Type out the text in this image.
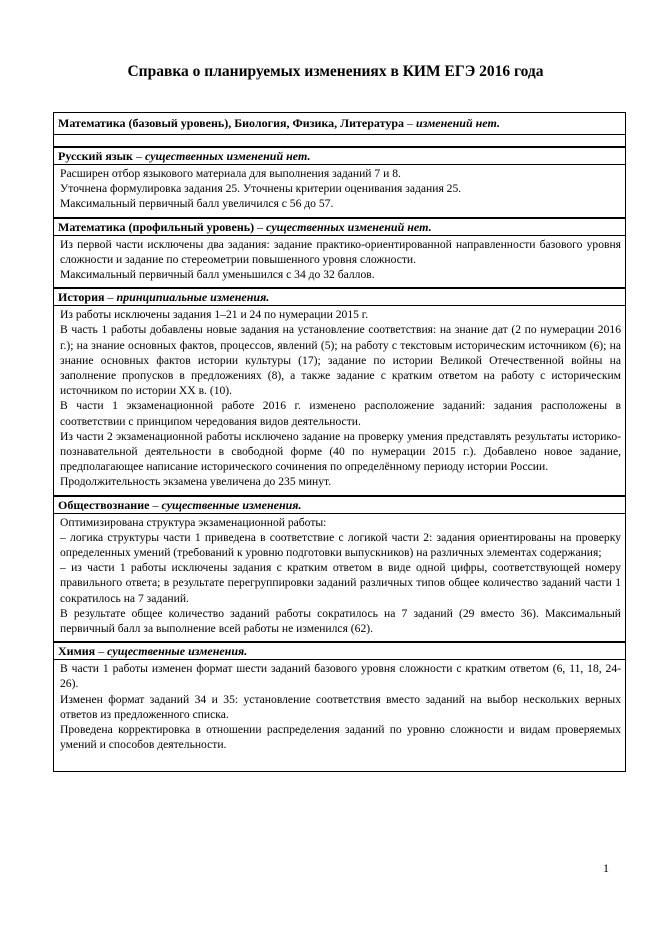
Справка о планируемых изменениях в КИМ ЕГЭ 2016 года
Математика (базовый уровень), Биология, Физика, Литература – изменений нет.
Русский язык – существенных изменений нет.

Расширен отбор языкового материала для выполнения заданий 7 и 8.

Уточнена формулировка задания 25. Уточнены критерии оценивания задания 25.

Максимальный первичный балл увеличился с 56 до 57.

Математика (профильный уровень) – существенных изменений нет.

Из первой части исключены два задания: задание практико-ориентированной направленности базового уровня сложности и задание по стереометрии повышенного уровня сложности.

Максимальный первичный балл уменьшился с 34 до 32 баллов.

История – принципиальные изменения.

Из работы исключены задания 1–21 и 24 по нумерации 2015 г.

В часть 1 работы добавлены новые задания на установление соответствия: на знание дат (2 по нумерации 2016 г.); на знание основных фактов, процессов, явлений (5); на работу с текстовым историческим источником (6); на знание основных фактов истории культуры (17); задание по истории Великой Отечественной войны на заполнение пропусков в предложениях (8), а также задание с кратким ответом на работу с историческим источником по истории XX в. (10).

В части 1 экзаменационной работе 2016 г. изменено расположение заданий: задания расположены в соответствии с принципом чередования видов деятельности.

Из части 2 экзаменационной работы исключено задание на проверку умения представлять результаты историко-познавательной деятельности в свободной форме (40 по нумерации 2015 г.). Добавлено новое задание, предполагающее написание исторического сочинения по определённому периоду истории России.

Продолжительность экзамена увеличена до 235 минут.

Обществознание – существенные изменения.

Оптимизирована структура экзаменационной работы:

– логика структуры части 1 приведена в соответствие с логикой части 2: задания ориентированы на проверку определенных умений (требований к уровню подготовки выпускников) на различных элементах содержания;

– из части 1 работы исключены задания с кратким ответом в виде одной цифры, соответствующей номеру правильного ответа; в результате перегруппировки заданий различных типов общее количество заданий части 1 сократилось на 7 заданий.

В результате общее количество заданий работы сократилось на 7 заданий (29 вместо 36). Максимальный первичный балл за выполнение всей работы не изменился (62).

Химия – существенные изменения.

В части 1 работы изменен формат шести заданий базового уровня сложности с кратким ответом (6, 11, 18, 24-26).

Изменен формат заданий 34 и 35: установление соответствия вместо заданий на выбор нескольких верных ответов из предложенного списка.

Проведена корректировка в отношении распределения заданий по уровню сложности и видам проверяемых умений и способов деятельности.

1
